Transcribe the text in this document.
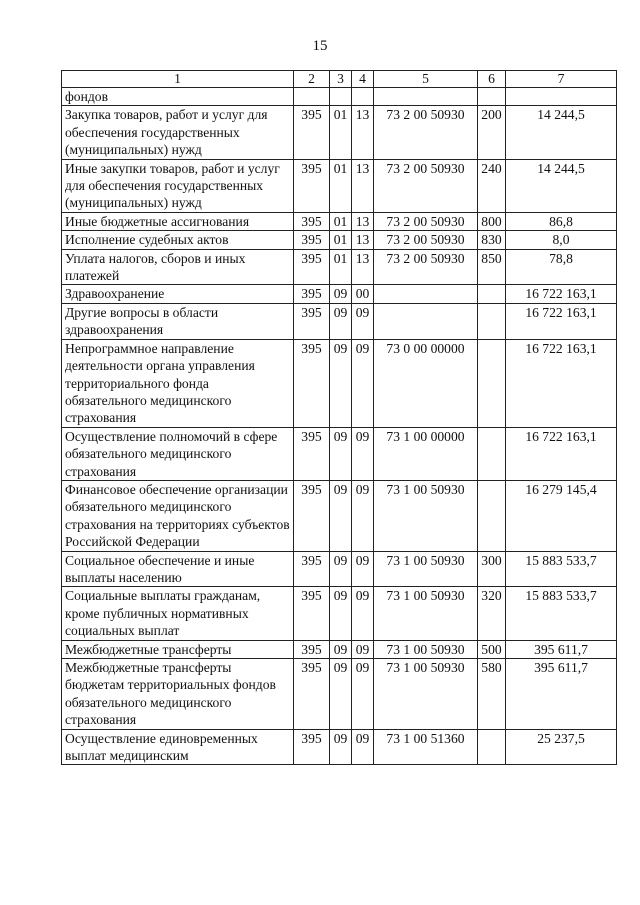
15
1	2	3	4	5	6	7
фондов						
Закупка товаров, работ и услуг для обеспечения государственных (муниципальных) нужд	395	01	13	73 2 00 50930	200	14 244,5
Иные закупки товаров, работ и услуг для обеспечения государственных (муниципальных) нужд	395	01	13	73 2 00 50930	240	14 244,5
Иные бюджетные ассигнования	395	01	13	73 2 00 50930	800	86,8
Исполнение судебных актов	395	01	13	73 2 00 50930	830	8,0
Уплата налогов, сборов и иных платежей	395	01	13	73 2 00 50930	850	78,8
Здравоохранение	395	09	00			16 722 163,1
Другие вопросы в области здравоохранения	395	09	09			16 722 163,1
Непрограммное направление деятельности органа управления территориального фонда обязательного медицинского страхования	395	09	09	73 0 00 00000		16 722 163,1
Осуществление полномочий в сфере обязательного медицинского страхования	395	09	09	73 1 00 00000		16 722 163,1
Финансовое обеспечение организации обязательного медицинского страхования на территориях субъектов Российской Федерации	395	09	09	73 1 00 50930		16 279 145,4
Социальное обеспечение и иные выплаты населению	395	09	09	73 1 00 50930	300	15 883 533,7
Социальные выплаты гражданам, кроме публичных нормативных социальных выплат	395	09	09	73 1 00 50930	320	15 883 533,7
Межбюджетные трансферты	395	09	09	73 1 00 50930	500	395 611,7
Межбюджетные трансферты бюджетам территориальных фондов обязательного медицинского страхования	395	09	09	73 1 00 50930	580	395 611,7
Осуществление единовременных выплат медицинским	395	09	09	73 1 00 51360		25 237,5
